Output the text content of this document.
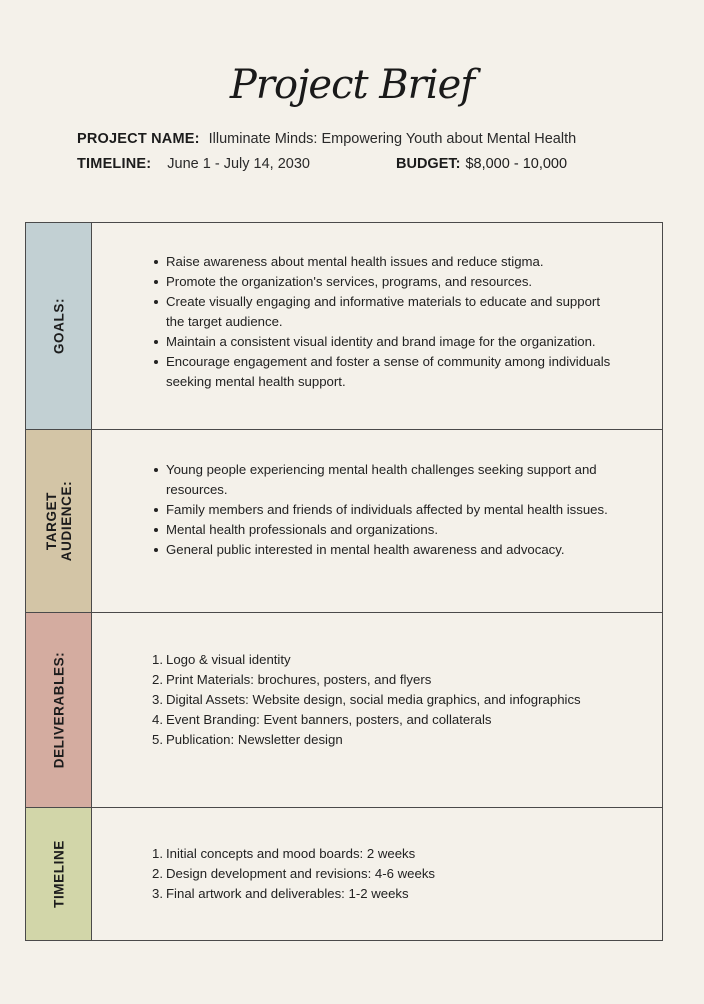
Project Brief
PROJECT NAME: Illuminate Minds: Empowering Youth about Mental Health
TIMELINE: June 1 - July 14, 2030	BUDGET: $8,000 - 10,000
GOALS:
Raise awareness about mental health issues and reduce stigma.
Promote the organization's services, programs, and resources.
Create visually engaging and informative materials to educate and support the target audience.
Maintain a consistent visual identity and brand image for the organization.
Encourage engagement and foster a sense of community among individuals seeking mental health support.
TARGET AUDIENCE:
Young people experiencing mental health challenges seeking support and resources.
Family members and friends of individuals affected by mental health issues.
Mental health professionals and organizations.
General public interested in mental health awareness and advocacy.
DELIVERABLES:	Logo & visual identity
Print Materials: brochures, posters, and flyers
Digital Assets: Website design, social media graphics, and infographics
Event Branding: Event banners, posters, and collaterals
Publication: Newsletter design
TIMELINE	Initial concepts and mood boards: 2 weeks
Design development and revisions: 4-6 weeks
Final artwork and deliverables: 1-2 weeks
